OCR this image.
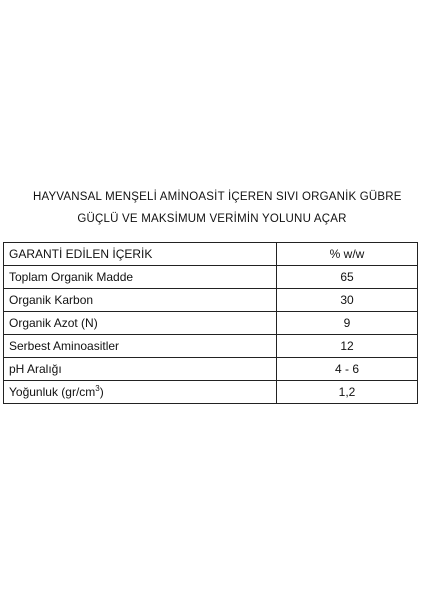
HAYVANSAL MENŞELİ AMİNOASİT İÇEREN SIVI ORGANİK GÜBRE
GÜÇLÜ VE MAKSİMUM VERİMİN YOLUNU AÇAR
GARANTİ EDİLEN İÇERİK	% w/w
Toplam Organik Madde	65
Organik Karbon	30
Organik Azot (N)	9
Serbest Aminoasitler	12
pH Aralığı	4 - 6
Yoğunluk $(gr/cm^3)$	1,2
